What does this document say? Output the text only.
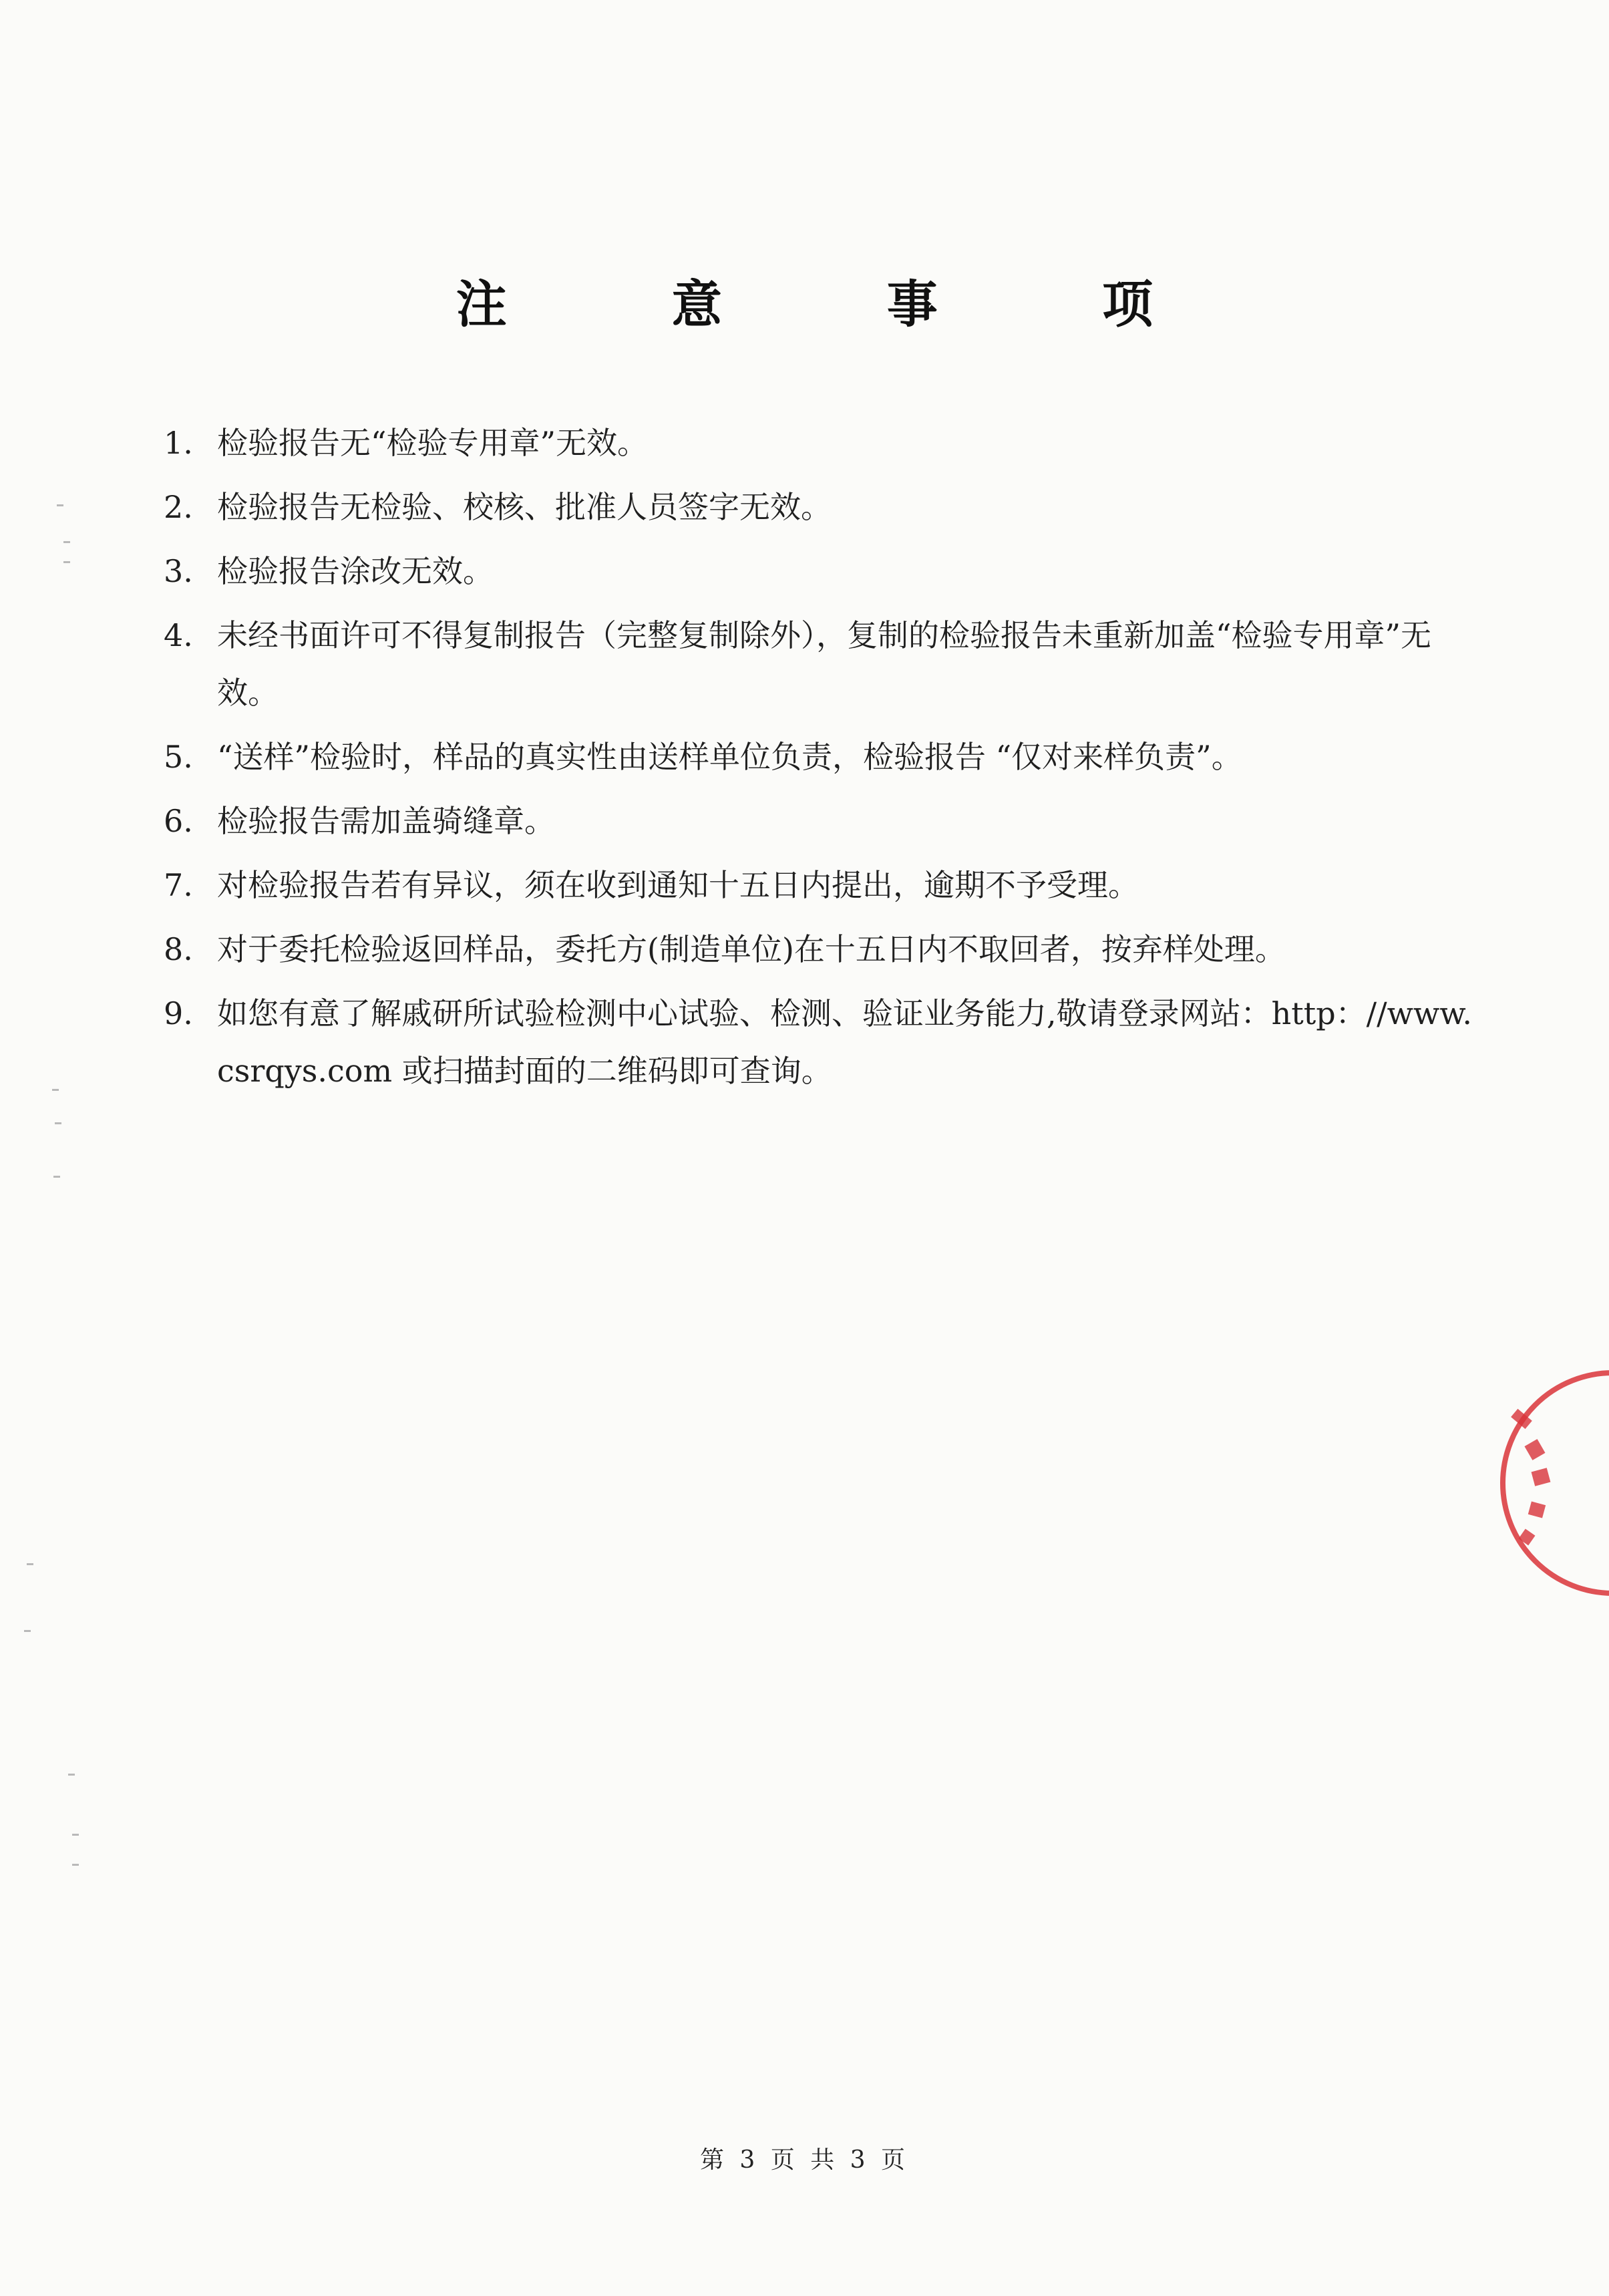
注 意 事 项
1. 检验报告无“检验专用章”无效。
2. 检验报告无检验、校核、批准人员签字无效。
3. 检验报告涂改无效。
4. 未经书面许可不得复制报告（完整复制除外），复制的检验报告未重新加盖“检验专用章”无效。
5. “送样”检验时，样品的真实性由送样单位负责，检验报告 “仅对来样负责”。
6. 检验报告需加盖骑缝章。
7. 对检验报告若有异议，须在收到通知十五日内提出，逾期不予受理。
8. 对于委托检验返回样品，委托方(制造单位)在十五日内不取回者，按弃样处理。
9. 如您有意了解戚研所试验检测中心试验、检测、验证业务能力,敬请登录网站：http：//www.csrqys.com 或扫描封面的二维码即可查询。
第 3 页 共 3 页
